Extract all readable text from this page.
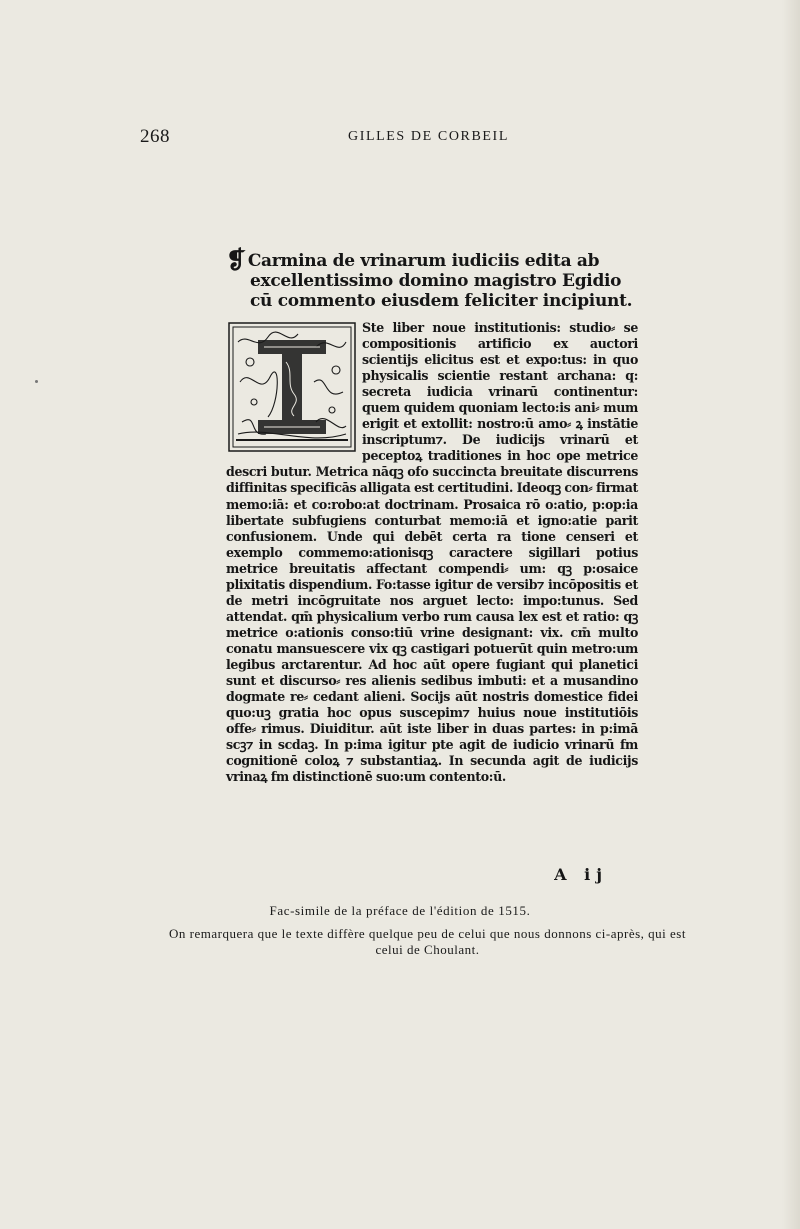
268	GILLES DE CORBEIL

❡ Carmina de vrinarum iudiciis edita ab excellentissimo domino magistro Egidio cū commento eiusdem feliciter incipiunt.

Ste liber noue institutionis: studio⸗ se compositionis artificio ex auctori scientijs elicitus est et expo:tus: in quo physicalis scientie restant archana: q: secreta iudicia vrinarū continentur: quem quidem quoniam lecto:is ani⸗ mum erigit et extollit: nostro:ū amo⸗ ꝝ instātie inscriptum⁊. De iudicijs vrinarū et peceptoꝝ traditiones in hoc ope metrice descri butur. Metrica nāqꝫ ofo succincta breuitate discurrens diffinitas specificās alligata est certitudini. Ideoqꝫ con⸗ firmat memo:iā: et co:robo:at doctrinam. Prosaica rō o:atio, p:op:ia libertate subfugiens conturbat memo:iā et igno:atie parit confusionem. Unde qui debēt certa ra tione censeri et exemplo commemo:ationisqꝫ caractere sigillari potius metrice breuitatis affectant compendi⸗ um: qꝫ p:osaice plixitatis dispendium. Fo:tasse igitur de versib⁊ incōpositis et de metri incōgruitate nos arguet lecto: impo:tunus. Sed attendat. qm̄ physicalium verbo rum causa lex est et ratio: qꝫ metrice o:ationis conso:tiū vrine designant: vix. cm̄ multo conatu mansuescere vix qꝫ castigari potuerūt quin metro:um legibus arctarentur. Ad hoc aūt opere fugiant qui planetici sunt et discurso⸗ res alienis sedibus imbuti: et a musandino dogmate re⸗ cedant alieni. Socijs aūt nostris domestice fidei quo:uꝫ gratia hoc opus suscepim⁊ huius noue institutiōis offe⸗ rimus. Diuiditur. aūt iste liber in duas partes: in p:imā scꝫ⁊ in scdaꝫ. In p:ima igitur pte agit de iudicio vrinarū fm cognitionē coloꝝ ⁊ substantiaꝝ. In secunda agit de iudicijs vrinaꝝ fm distinctionē suo:um contento:ū.

A ij
Fac-simile de la préface de l'édition de 1515.
On remarquera que le texte diffère quelque peu de celui que nous donnons ci-après, qui est celui de Choulant.
